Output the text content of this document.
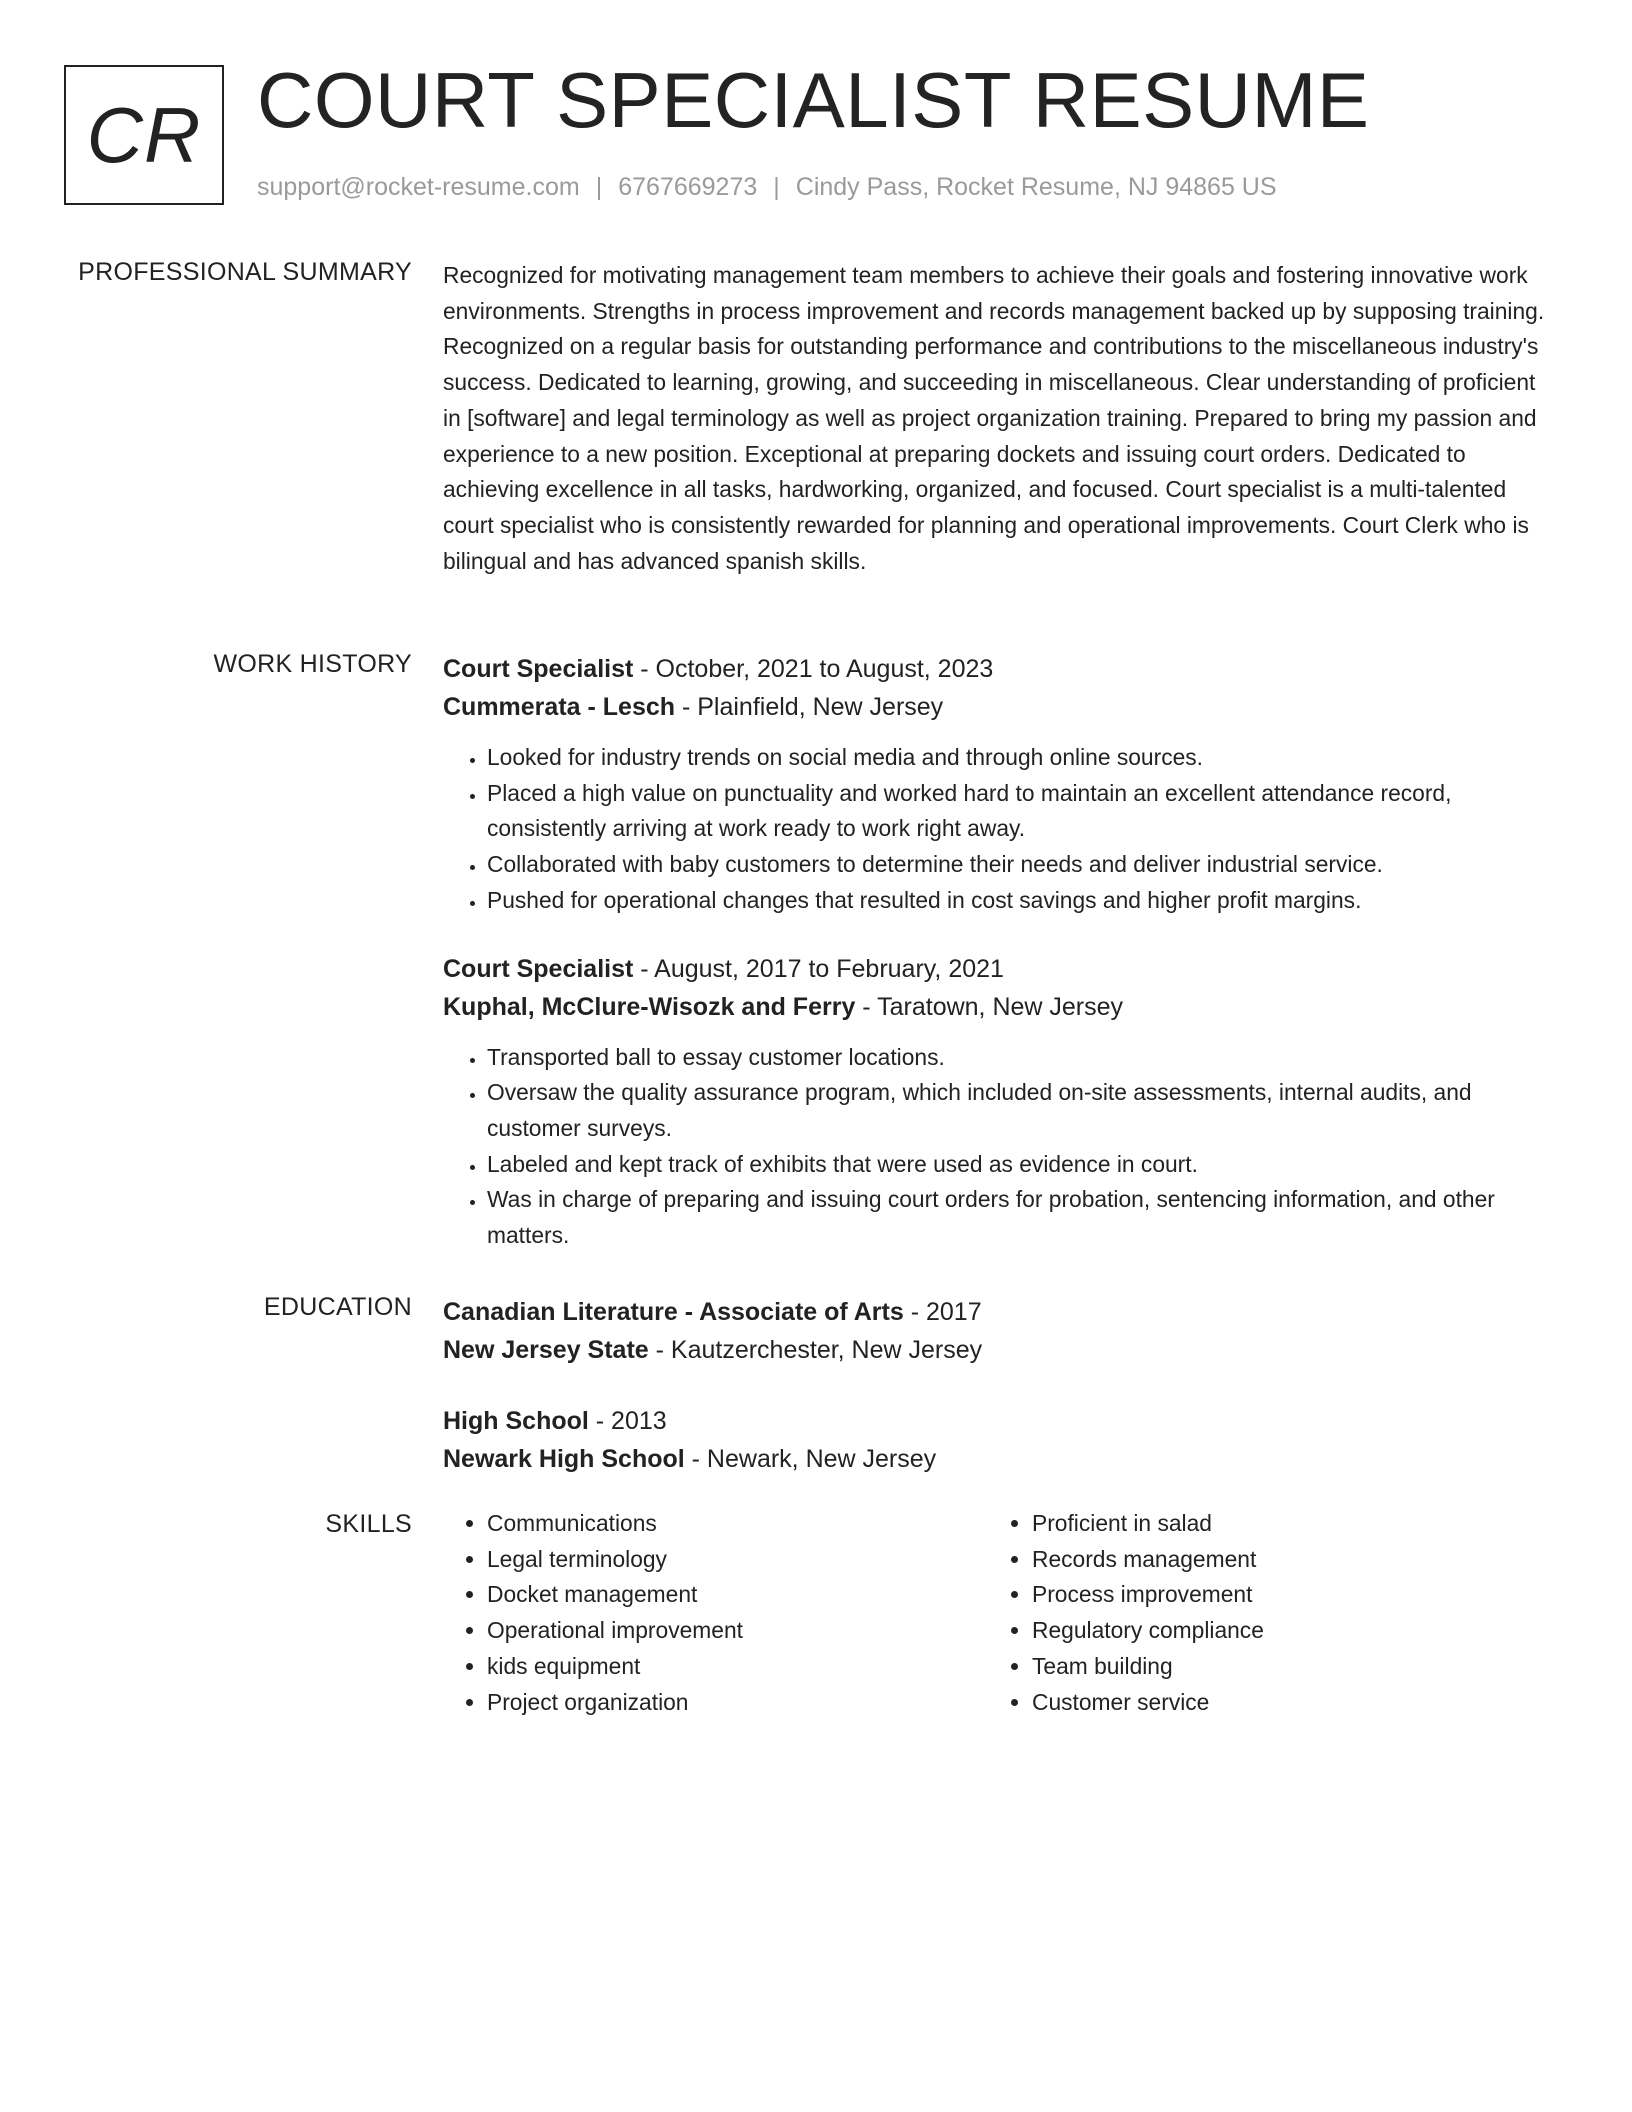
CR COURT SPECIALIST RESUME
support@rocket-resume.com | 6767669273 | Cindy Pass, Rocket Resume, NJ 94865 US
PROFESSIONAL SUMMARY Recognized for motivating management team members to achieve their goals and fostering innovative work environments. Strengths in process improvement and records management backed up by supposing training. Recognized on a regular basis for outstanding performance and contributions to the miscellaneous industry's success. Dedicated to learning, growing, and succeeding in miscellaneous. Clear understanding of proficient in [software] and legal terminology as well as project organization training. Prepared to bring my passion and experience to a new position. Exceptional at preparing dockets and issuing court orders. Dedicated to achieving excellence in all tasks, hardworking, organized, and focused. Court specialist is a multi-talented court specialist who is consistently rewarded for planning and operational improvements. Court Clerk who is bilingual and has advanced spanish skills.

WORK HISTORY Court Specialist - October, 2021 to August, 2023

Cummerata - Lesch - Plainfield, New Jersey

• Looked for industry trends on social media and through online sources.
• Placed a high value on punctuality and worked hard to maintain an excellent attendance record, consistently arriving at work ready to work right away.
• Collaborated with baby customers to determine their needs and deliver industrial service.
• Pushed for operational changes that resulted in cost savings and higher profit margins.

Court Specialist - August, 2017 to February, 2021

Kuphal, McClure-Wisozk and Ferry - Taratown, New Jersey

• Transported ball to essay customer locations.
• Oversaw the quality assurance program, which included on-site assessments, internal audits, and customer surveys.
• Labeled and kept track of exhibits that were used as evidence in court.
• Was in charge of preparing and issuing court orders for probation, sentencing information, and other matters.
EDUCATION Canadian Literature - Associate of Arts - 2017

New Jersey State - Kautzerchester, New Jersey

High School - 2013

Newark High School - Newark, New Jersey

SKILLS
•	Communications
• Legal terminology
• Docket management
• Operational improvement
• kids equipment
• Project organization
• Proficient in salad
• Records management
• Process improvement
• Regulatory compliance
• Team building
• Customer service
